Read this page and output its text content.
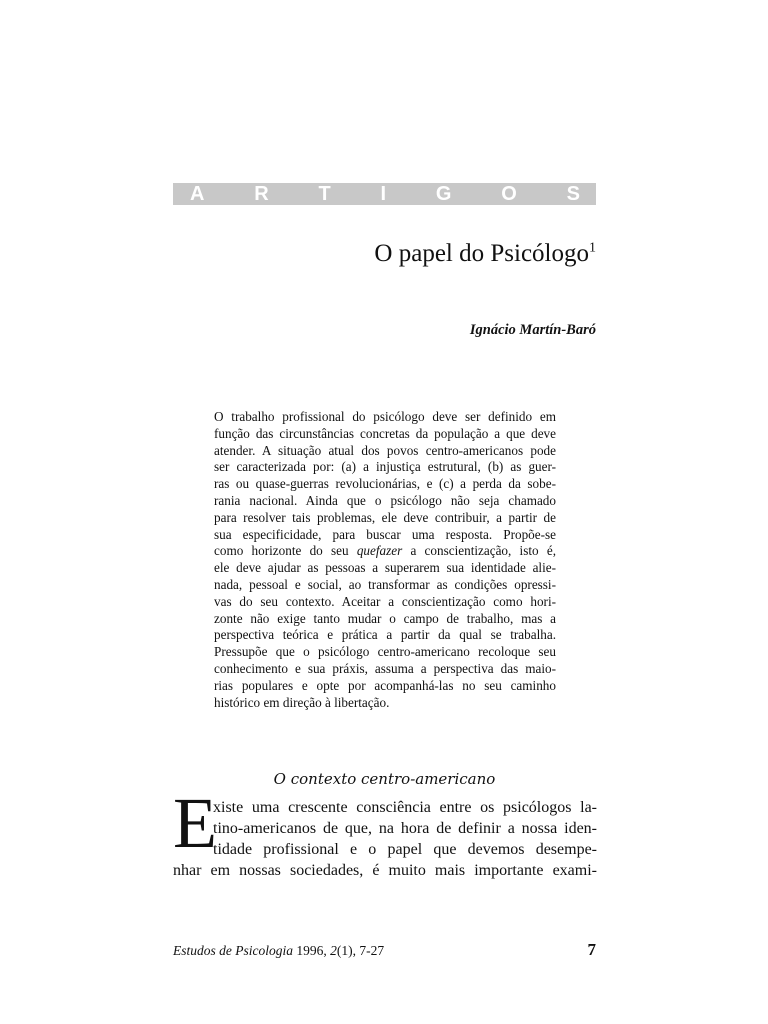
A R T I G O S
O papel do Psicólogo$^1$
Ignácio Martín-Baró
O trabalho profissional do psicólogo deve ser definido em
função das circunstâncias concretas da população a que deve
atender. A situação atual dos povos centro-americanos pode
ser caracterizada por: (a) a injustiça estrutural, (b) as guer-
ras ou quase-guerras revolucionárias, e (c) a perda da sobe-
rania nacional. Ainda que o psicólogo não seja chamado
para resolver tais problemas, ele deve contribuir, a partir de
sua especificidade, para buscar uma resposta. Propõe-se
como horizonte do seu quefazer a conscientização, isto é,
ele deve ajudar as pessoas a superarem sua identidade alie-
nada, pessoal e social, ao transformar as condições opressi-
vas do seu contexto. Aceitar a conscientização como hori-
zonte não exige tanto mudar o campo de trabalho, mas a
perspectiva teórica e prática a partir da qual se trabalha.
Pressupõe que o psicólogo centro-americano recoloque seu
conhecimento e sua práxis, assuma a perspectiva das maio-
rias populares e opte por acompanhá-las no seu caminho
histórico em direção à libertação.
O contexto centro-americano
E
xiste uma crescente consciência entre os psicólogos la-
tino-americanos de que, na hora de definir a nossa iden-
tidade profissional e o papel que devemos desempe-
nhar em nossas sociedades, é muito mais importante exami-
Estudos de Psicologia 1996, 2(1), 7-27	7
